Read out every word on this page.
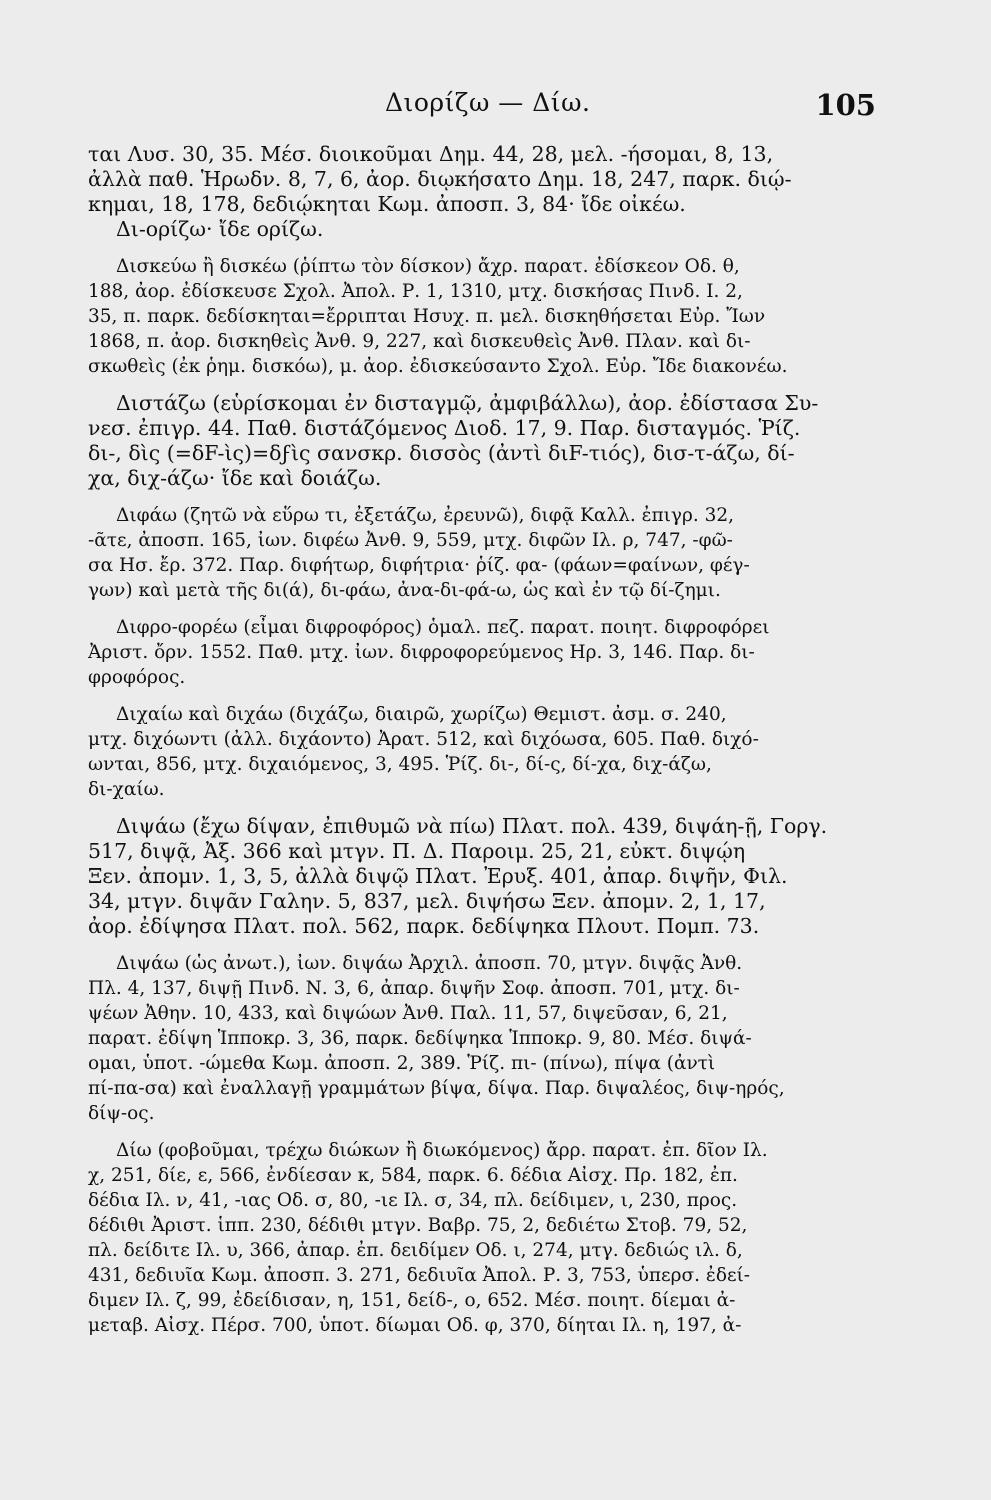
Διορίζω — Δίω.	105
ται Λυσ. 30, 35. Μέσ. διοικοῦμαι Δημ. 44, 28, μελ. -ήσομαι, 8, 13,
ἀλλὰ παθ. Ἡρωδν. 8, 7, 6, ἀορ. διῳκήσατο Δημ. 18, 247, παρκ. διῴ-
κημαι, 18, 178, δεδιῴκηται Κωμ. ἀποσπ. 3, 84· ἴδε οἰκέω.
Δι-ορίζω· ἴδε ορίζω.
Δισκεύω ἢ δισκέω (ῥίπτω τὸν δίσκον) ἄχρ. παρατ. ἐδίσκεον Οδ. θ,
188, ἀορ. ἐδίσκευσε Σχολ. Ἀπολ. Ρ. 1, 1310, μτχ. δισκήσας Πινδ. Ι. 2,
35, π. παρκ. δεδίσκηται=ἔρριπται Ησυχ. π. μελ. δισκηθήσεται Εὐρ. Ἴων
1868, π. ἀορ. δισκηθεὶς Ἀνθ. 9, 227, καὶ δισκευθεὶς Ἀνθ. Πλαν. καὶ δι-
σκωθεὶς (ἐκ ῥημ. δισκόω), μ. ἀορ. ἐδισκεύσαντο Σχολ. Εὐρ. Ἴδε διακονέω.
Διστάζω (εὑρίσκομαι ἐν δισταγμῷ, ἀμφιβάλλω), ἀορ. ἐδίστασα Συ-
νεσ. ἐπιγρ. 44. Παθ. διστάζόμενος Διοδ. 17, 9. Παρ. δισταγμός. Ῥίζ.
δι-, δὶς (=δF-ὶς)=δϝὶς σανσκρ. δισσὸς (ἀντὶ διF-τιός), δισ-τ-άζω, δί-
χα, διχ-άζω· ἴδε καὶ δοιάζω.
Διφάω (ζητῶ νὰ εὕρω τι, ἐξετάζω, ἐρευνῶ), διφᾷ Καλλ. ἐπιγρ. 32,
-ᾶτε, ἀποσπ. 165, ἰων. διφέω Ἀνθ. 9, 559, μτχ. διφῶν Ιλ. ρ, 747, -φῶ-
σα Ησ. ἔρ. 372. Παρ. διφήτωρ, διφήτρια· ῥίζ. φα- (φάων=φαίνων, φέγ-
γων) καὶ μετὰ τῆς δι(ά), δι-φάω, ἀνα-δι-φά-ω, ὡς καὶ ἐν τῷ δί-ζημι.
Διφρο-φορέω (εἶμαι διφροφόρος) ὁμαλ. πεζ. παρατ. ποιητ. διφροφόρει
Ἀριστ. ὄρν. 1552. Παθ. μτχ. ἰων. διφροφορεύμενος Ηρ. 3, 146. Παρ. δι-
φροφόρος.
Διχαίω καὶ διχάω (διχάζω, διαιρῶ, χωρίζω) Θεμιστ. ἀσμ. σ. 240,
μτχ. διχόωντι (ἀλλ. διχάοντο) Ἀρατ. 512, καὶ διχόωσα, 605. Παθ. διχό-
ωνται, 856, μτχ. διχαιόμενος, 3, 495. Ῥίζ. δι-, δί-ς, δί-χα, διχ-άζω,
δι-χαίω.
Διψάω (ἔχω δίψαν, ἐπιθυμῶ νὰ πίω) Πλατ. πολ. 439, διψάη-ῇ, Γοργ.
517, διψᾷ, Ἀξ. 366 καὶ μτγν. Π. Δ. Παροιμ. 25, 21, εὐκτ. διψῴη
Ξεν. ἀπομν. 1, 3, 5, ἀλλὰ διψῷ Πλατ. Ἐρυξ. 401, ἀπαρ. διψῆν, Φιλ.
34, μτγν. διψᾶν Γαλην. 5, 837, μελ. διψήσω Ξεν. ἀπομν. 2, 1, 17,
ἀορ. ἐδίψησα Πλατ. πολ. 562, παρκ. δεδίψηκα Πλουτ. Πομπ. 73.
Διψάω (ὡς ἀνωτ.), ἰων. διψάω Ἀρχιλ. ἀποσπ. 70, μτγν. διψᾷς Ἀνθ.
Πλ. 4, 137, διψῇ Πινδ. Ν. 3, 6, ἀπαρ. διψῆν Σοφ. ἀποσπ. 701, μτχ. δι-
ψέων Ἀθην. 10, 433, καὶ διψώων Ἀνθ. Παλ. 11, 57, διψεῦσαν, 6, 21,
παρατ. ἐδίψη Ἱπποκρ. 3, 36, παρκ. δεδίψηκα Ἱπποκρ. 9, 80. Μέσ. διψά-
ομαι, ὑποτ. -ώμεθα Κωμ. ἀποσπ. 2, 389. Ῥίζ. πι- (πίνω), πίψα (ἀντὶ
πί-πα-σα) καὶ ἐναλλαγῇ γραμμάτων βίψα, δίψα. Παρ. διψαλέος, διψ-ηρός,
δίψ-ος.
Δίω (φοβοῦμαι, τρέχω διώκων ἢ διωκόμενος) ἄρρ. παρατ. ἐπ. δῖον Ιλ.
χ, 251, δίε, ε, 566, ἐνδίεσαν κ, 584, παρκ. 6. δέδια Αἰσχ. Πρ. 182, ἐπ.
δέδια Ιλ. ν, 41, -ιας Οδ. σ, 80, -ιε Ιλ. σ, 34, πλ. δείδιμεν, ι, 230, προς.
δέδιθι Ἀριστ. ἱππ. 230, δέδιθι μτγν. Βαβρ. 75, 2, δεδιέτω Στοβ. 79, 52,
πλ. δείδιτε Ιλ. υ, 366, ἀπαρ. ἐπ. δειδίμεν Οδ. ι, 274, μτγ. δεδιώς ιλ. δ,
431, δεδιυῖα Κωμ. ἀποσπ. 3. 271, δεδιυῖα Ἀπολ. Ρ. 3, 753, ὑπερσ. ἐδεί-
διμεν Ιλ. ζ, 99, ἐδείδισαν, η, 151, δείδ-, ο, 652. Μέσ. ποιητ. δίεμαι ἀ-
μεταβ. Αἰσχ. Πέρσ. 700, ὑποτ. δίωμαι Οδ. φ, 370, δίηται Ιλ. η, 197, ἀ-
